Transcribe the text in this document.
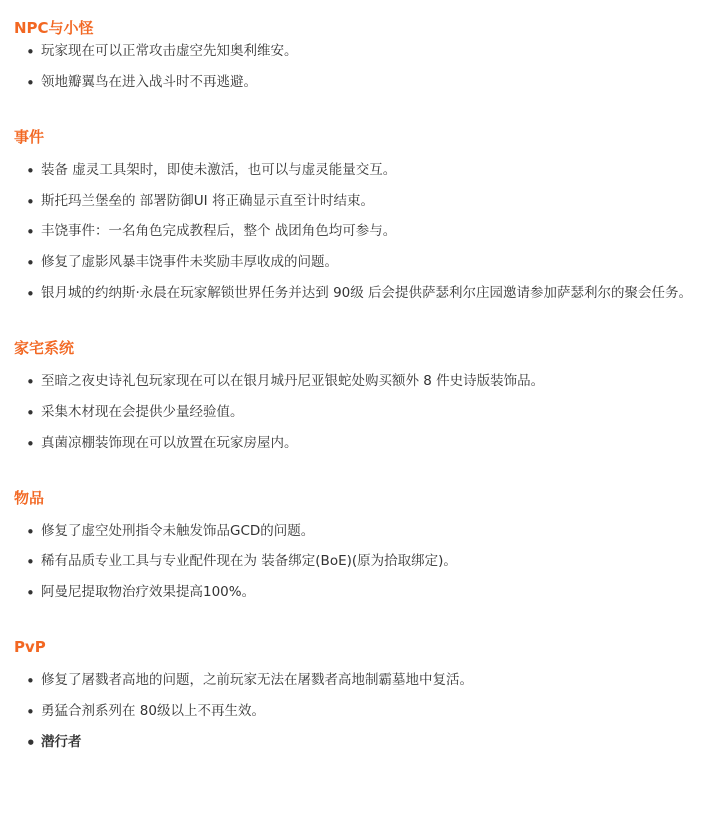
NPC与小怪
• 玩家现在可以正常攻击虚空先知奥利维安。
• 领地瓣翼鸟在进入战斗时不再逃避。
事件
• 装备 虚灵工具架时，即使未激活，也可以与虚灵能量交互。
• 斯托玛兰堡垒的 部署防御UI 将正确显示直至计时结束。
• 丰饶事件：一名角色完成教程后，整个 战团角色均可参与。
• 修复了虚影风暴丰饶事件未奖励丰厚收成的问题。
• 银月城的约纳斯·永晨在玩家解锁世界任务并达到 90级 后会提供萨瑟利尔庄园邀请参加萨瑟利尔的聚会任务。
家宅系统
• 至暗之夜史诗礼包玩家现在可以在银月城丹尼亚银蛇处购买额外 8 件史诗版装饰品。
• 采集木材现在会提供少量经验值。
• 真菌凉棚装饰现在可以放置在玩家房屋内。
物品
• 修复了虚空处刑指令未触发饰品GCD的问题。
• 稀有品质专业工具与专业配件现在为 装备绑定(BoE)(原为拾取绑定)。
• 阿曼尼提取物治疗效果提高100%。
PvP
• 修复了屠戮者高地的问题，之前玩家无法在屠戮者高地制霸墓地中复活。
• 勇猛合剂系列在 80级以上不再生效。
• 潜行者
